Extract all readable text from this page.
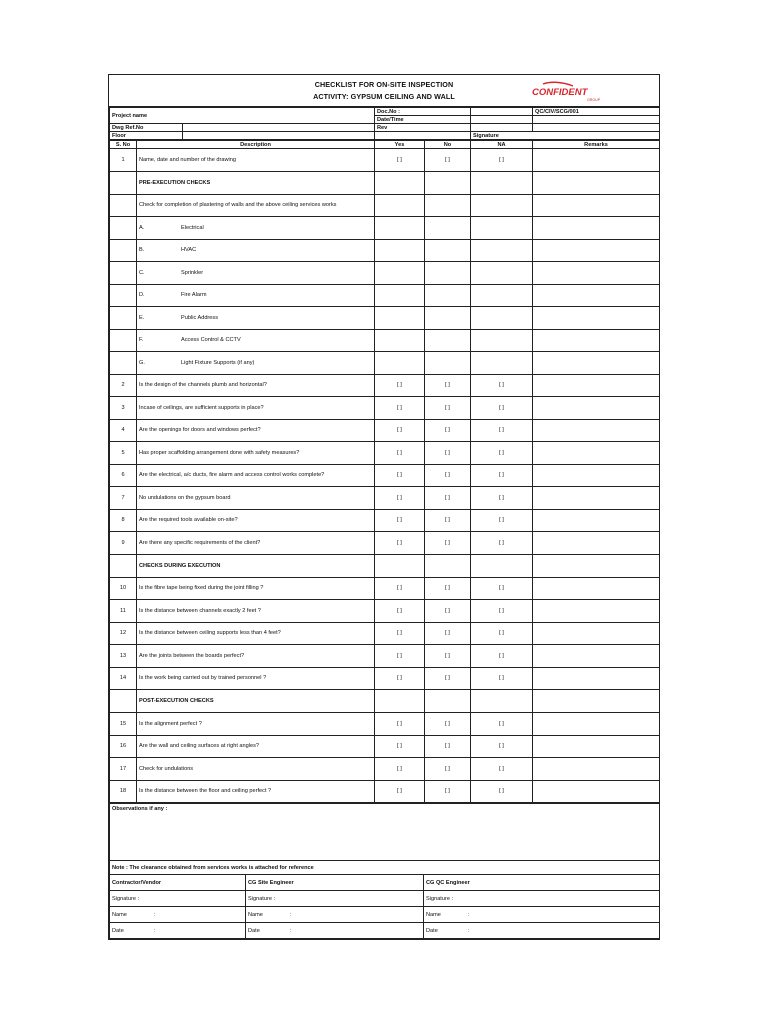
CHECKLIST FOR ON-SITE INSPECTION
ACTIVITY: GYPSUM CEILING AND WALL	CONFIDENT
GROUP
Project name		Doc.No :		QC/CIV/SCG/001
		Date/Time		
Dwg Ref.No		Rev		
Floor			Signature	
S. No	Description	Yes	No	NA	Remarks
1	Name, date and number of the drawing	[ ]	[ ]	[ ]	
	PRE-EXECUTION CHECKS				
	Check for completion of plastering of walls and the above ceiling services works				
	A. Electrical				
	B. HVAC				
	C. Sprinkler				
	D. Fire Alarm				
	E. Public Address				
	F. Access Control & CCTV				
	G. Light Fixture Supports (if any)				
2	Is the design of the channels plumb and horizontal?	[ ]	[ ]	[ ]	
3	Incase of ceilings, are sufficient supports in place?	[ ]	[ ]	[ ]	
4	Are the openings for doors and windows perfect?	[ ]	[ ]	[ ]	
5	Has proper scaffolding arrangement done with safety measures?	[ ]	[ ]	[ ]	
6	Are the electrical, a/c ducts, fire alarm and access control works complete?	[ ]	[ ]	[ ]	
7	No undulations on the gypsum board	[ ]	[ ]	[ ]	
8	Are the required tools available on-site?	[ ]	[ ]	[ ]	
9	Are there any specific requirements of the client?	[ ]	[ ]	[ ]	
	CHECKS DURING EXECUTION				
10	Is the fibre tape being fixed during the joint filling ?	[ ]	[ ]	[ ]	
11	Is the distance between channels exactly 2 feet ?	[ ]	[ ]	[ ]	
12	Is the distance between ceiling supports less than 4 feet?	[ ]	[ ]	[ ]	
13	Are the joints between the boards perfect?	[ ]	[ ]	[ ]	
14	Is the work being carried out by trained personnel ?	[ ]	[ ]	[ ]	
	POST-EXECUTION CHECKS				
15	Is the alignment perfect ?	[ ]	[ ]	[ ]	
16	Are the wall and ceiling surfaces at right angles?	[ ]	[ ]	[ ]	
17	Check for undulations	[ ]	[ ]	[ ]	
18	Is the distance between the floor and ceiling perfect ?	[ ]	[ ]	[ ]	
Observations if any :		
Note : The clearance obtained from services works is attached for reference		
Contractor/Vendor	CG Site Engineer	CG QC Engineer
Signature :	Signature :	Signature :
Name :	Name :	Name :
Date :	Date :	Date :
